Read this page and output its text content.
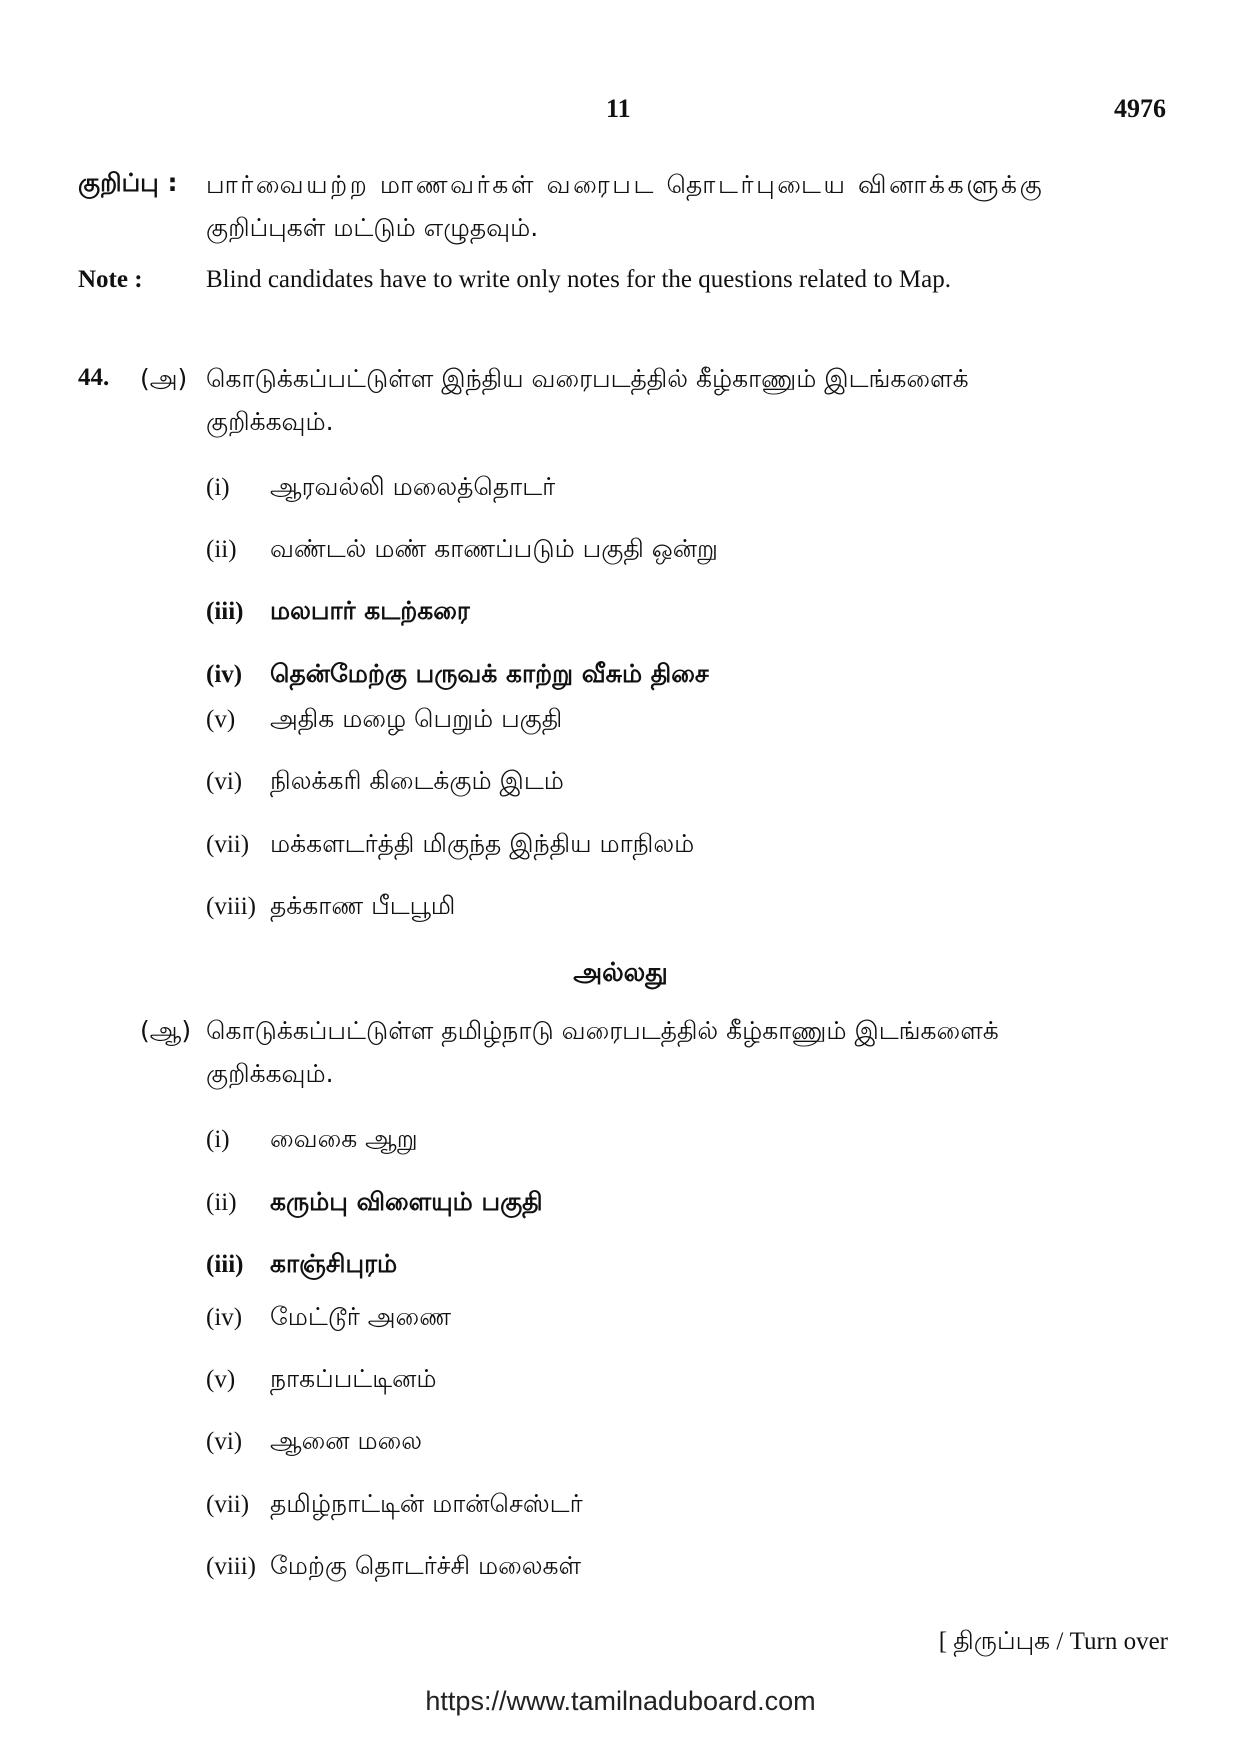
11	4976
குறிப்பு : பார்வையற்ற மாணவர்கள் வரைபட தொடர்புடைய வினாக்களுக்கு
குறிப்புகள் மட்டும் எழுதவும்.
Note :	Blind candidates have to write only notes for the questions related to Map.
44. (அ) கொடுக்கப்பட்டுள்ள இந்திய வரைபடத்தில் கீழ்காணும் இடங்களைக்
குறிக்கவும்.
(i) ஆரவல்லி மலைத்தொடர்
(ii) வண்டல் மண் காணப்படும் பகுதி ஒன்று
(iii) மலபார் கடற்கரை
(iv) தென்மேற்கு பருவக் காற்று வீசும் திசை
(v) அதிக மழை பெறும் பகுதி
(vi) நிலக்கரி கிடைக்கும் இடம்
(vii) மக்களடர்த்தி மிகுந்த இந்திய மாநிலம்
(viii) தக்காண பீடபூமி
அல்லது
(ஆ) கொடுக்கப்பட்டுள்ள தமிழ்நாடு வரைபடத்தில் கீழ்காணும் இடங்களைக்
குறிக்கவும்.
(i) வைகை ஆறு
(ii) கரும்பு விளையும் பகுதி
(iii) காஞ்சிபுரம்
(iv) மேட்டூர் அணை
(v) நாகப்பட்டினம்
(vi) ஆனை மலை
(vii) தமிழ்நாட்டின் மான்செஸ்டர்
(viii) மேற்கு தொடர்ச்சி மலைகள்
[ திருப்புக / Turn over
https://www.tamilnaduboard.com
